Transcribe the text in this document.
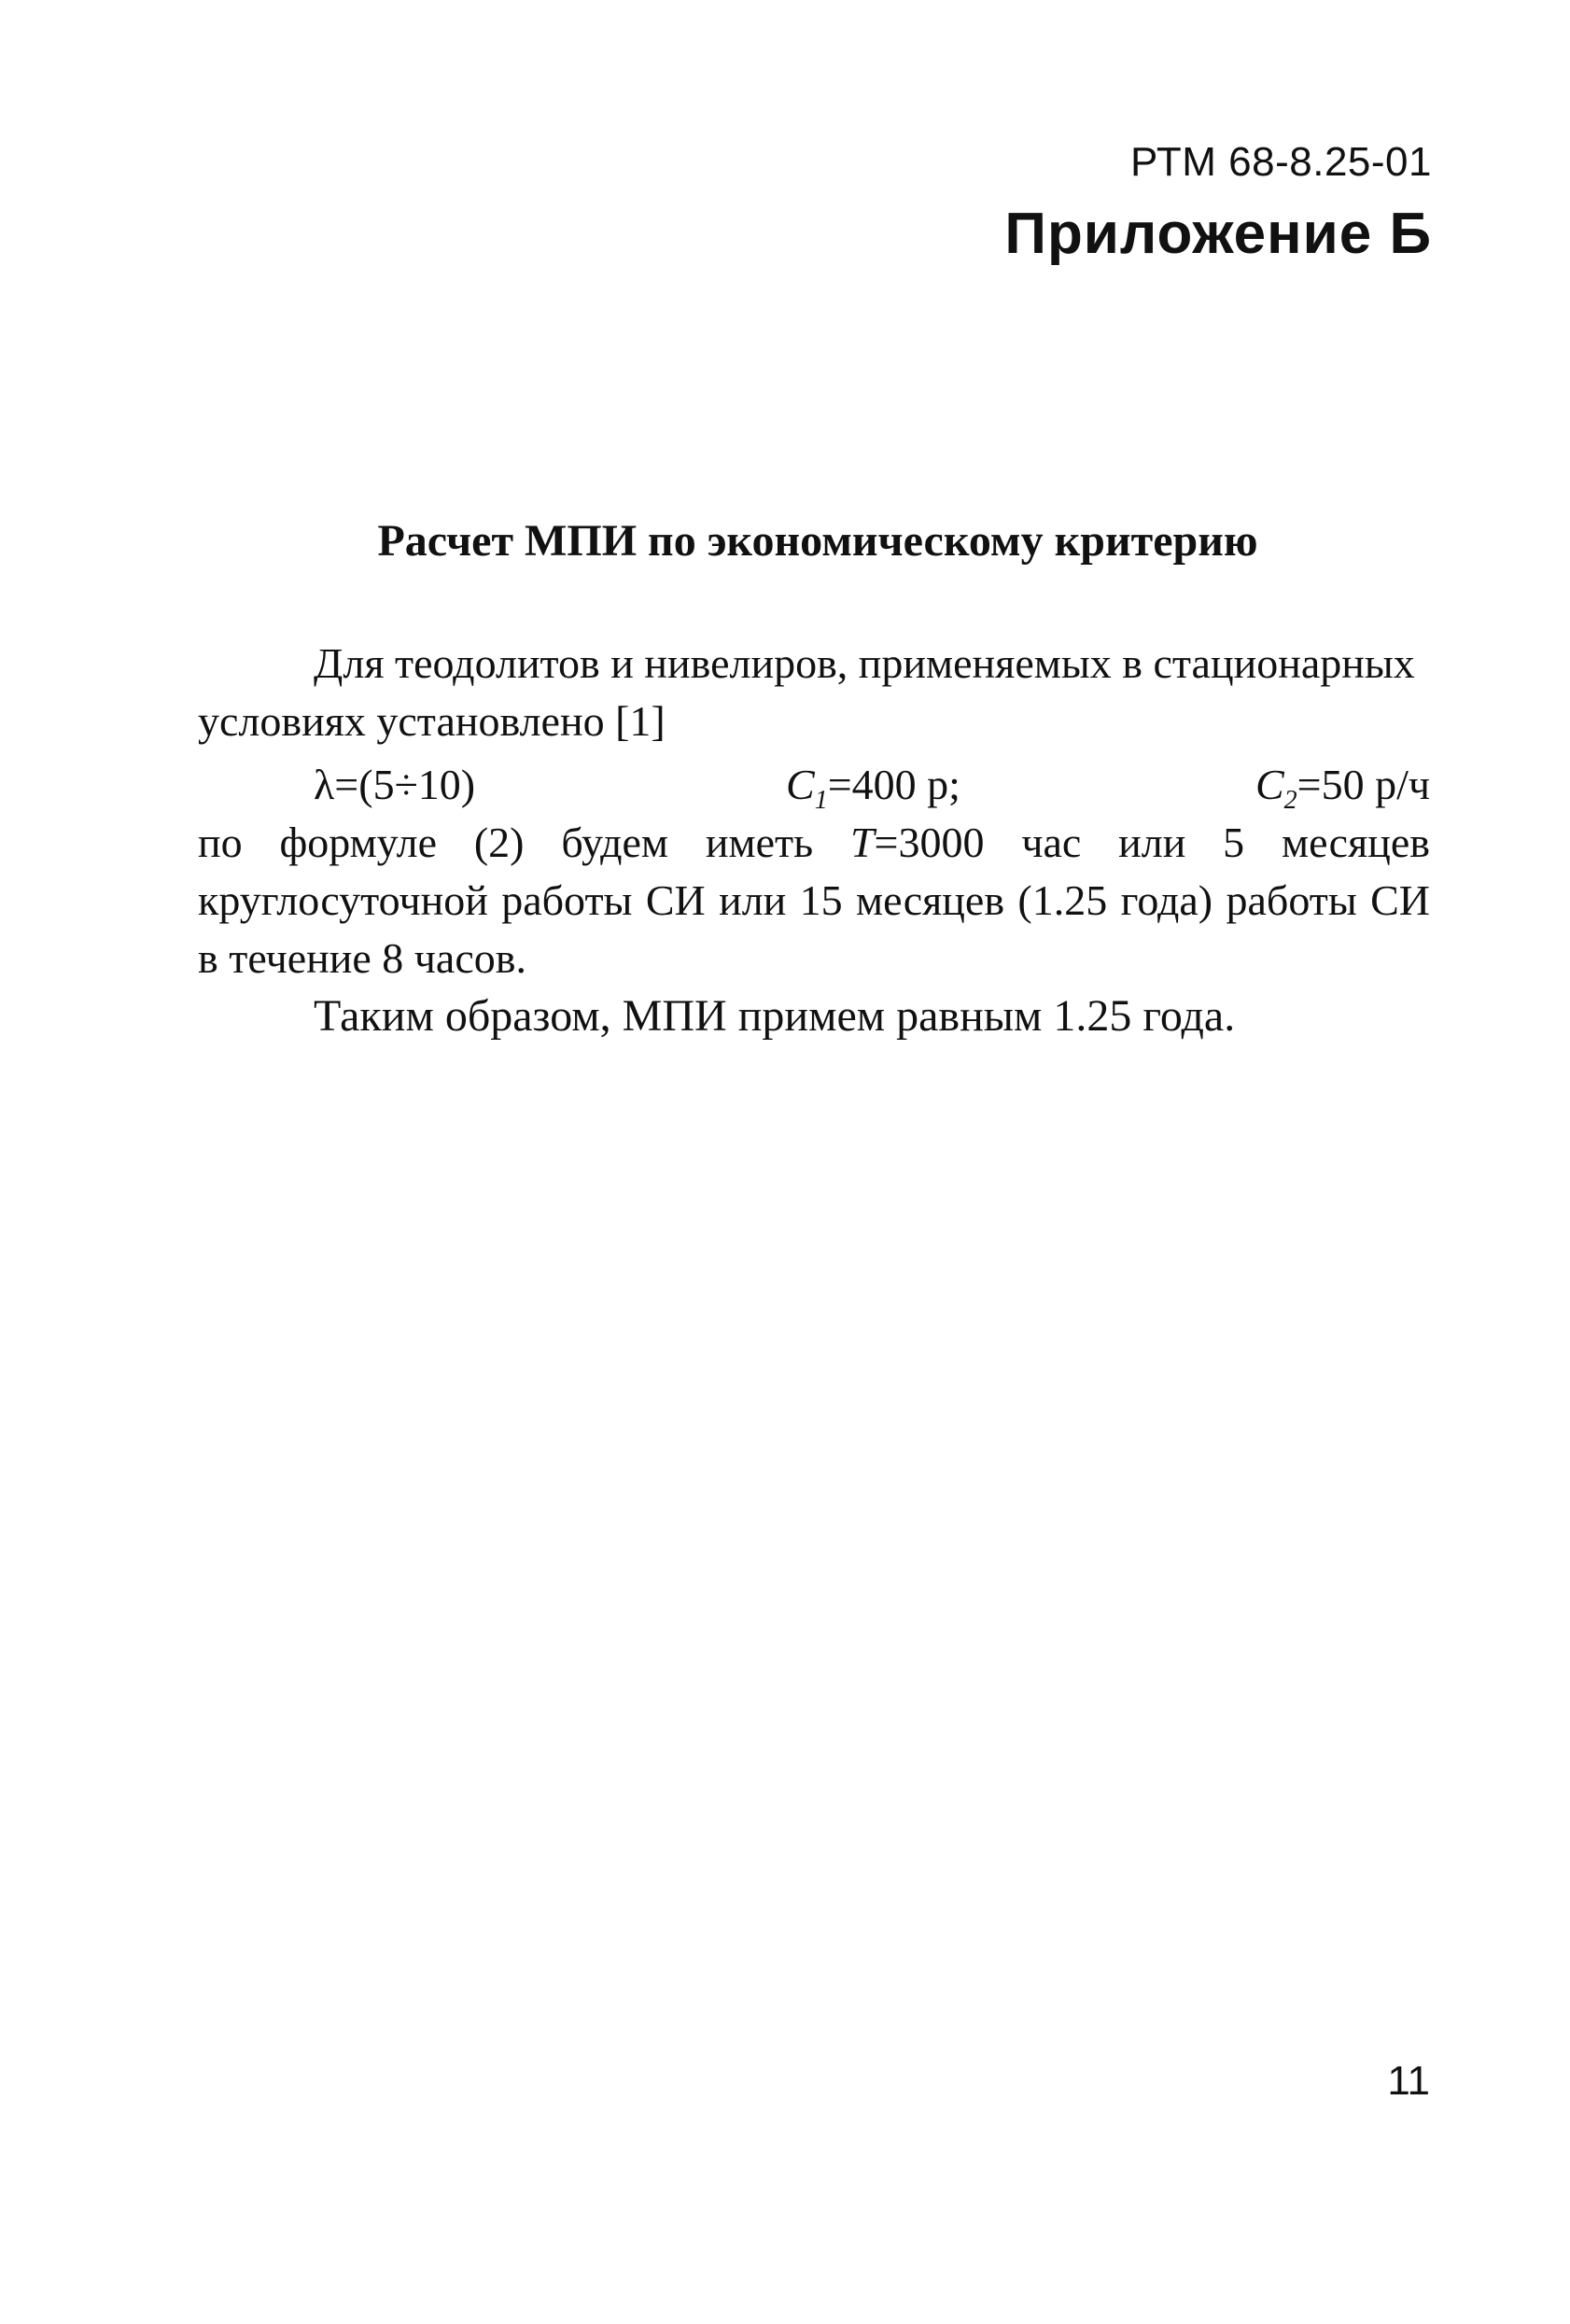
РТМ 68-8.25-01
Приложение Б
Расчет МПИ по экономическому критерию
Для теодолитов и нивелиров, применяемых в стационарных
условиях установлено [1]
λ=(5÷10)	$C_1=400$ р;	$C_2=50$ р/ч
по формуле (2) будем иметь T=3000 час или 5 месяцев
круглосуточной работы СИ или 15 месяцев (1.25 года) работы СИ
в течение 8 часов.
Таким образом, МПИ примем равным 1.25 года.
11
